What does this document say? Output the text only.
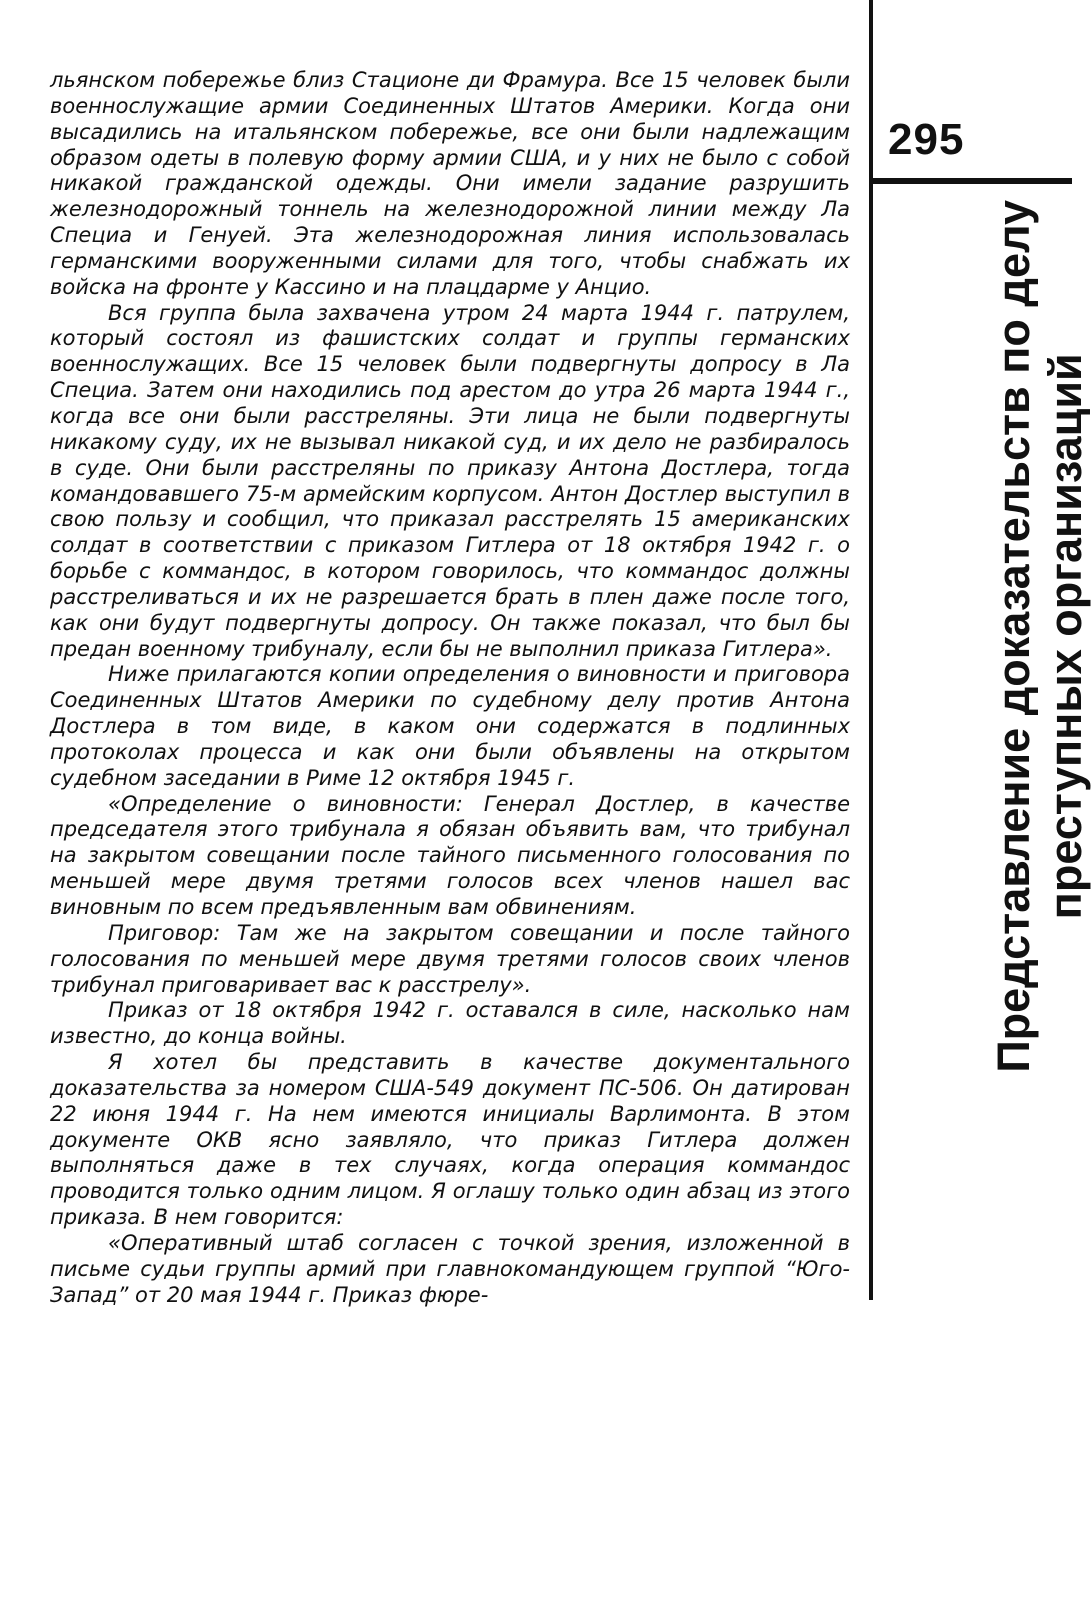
льянском побережье близ Стационе ди Фрамура. Все 15 человек были военнослужащие армии Соединенных Штатов Америки. Когда они высадились на итальянском побережье, все они были надлежащим образом одеты в полевую форму армии США, и у них не было с собой никакой гражданской одежды. Они имели задание разрушить железнодорожный тоннель на железнодорожной линии между Ла Специа и Генуей. Эта железнодорожная линия использовалась германскими вооруженными силами для того, чтобы снабжать их войска на фронте у Кассино и на плацдарме у Анцио.

Вся группа была захвачена утром 24 марта 1944 г. патрулем, который состоял из фашистских солдат и группы германских военнослужащих. Все 15 человек были подвергнуты допросу в Ла Специа. Затем они находились под арестом до утра 26 марта 1944 г., когда все они были расстреляны. Эти лица не были подвергнуты никакому суду, их не вызывал никакой суд, и их дело не разбиралось в суде. Они были расстреляны по приказу Антона Достлера, тогда командовавшего 75-м армейским корпусом. Антон Достлер выступил в свою пользу и сообщил, что приказал расстрелять 15 американских солдат в соответствии с приказом Гитлера от 18 октября 1942 г. о борьбе с коммандос, в котором говорилось, что коммандос должны расстреливаться и их не разрешается брать в плен даже после того, как они будут подвергнуты допросу. Он также показал, что был бы предан военному трибуналу, если бы не выполнил приказа Гитлера».

Ниже прилагаются копии определения о виновности и приговора Соединенных Штатов Америки по судебному делу против Антона Достлера в том виде, в каком они содержатся в подлинных протоколах процесса и как они были объявлены на открытом судебном заседании в Риме 12 октября 1945 г.

«Определение о виновности: Генерал Достлер, в качестве председателя этого трибунала я обязан объявить вам, что трибунал на закрытом совещании после тайного письменного голосования по меньшей мере двумя третями голосов всех членов нашел вас виновным по всем предъявленным вам обвинениям.

Приговор: Там же на закрытом совещании и после тайного голосования по меньшей мере двумя третями голосов своих членов трибунал приговаривает вас к расстрелу».

Приказ от 18 октября 1942 г. оставался в силе, насколько нам известно, до конца войны.

Я хотел бы представить в качестве документального доказательства за номером США-549 документ ПС-506. Он датирован 22 июня 1944 г. На нем имеются инициалы Варлимонта. В этом документе ОКВ ясно заявляло, что приказ Гитлера должен выполняться даже в тех случаях, когда операция коммандос проводится только одним лицом. Я оглашу только один абзац из этого приказа. В нем говорится:

«Оперативный штаб согласен с точкой зрения, изложенной в письме судьи группы армий при главнокомандующем группой “Юго-Запад” от 20 мая 1944 г. Приказ фюре-

295
Представление доказательств по делу преступных организаций
